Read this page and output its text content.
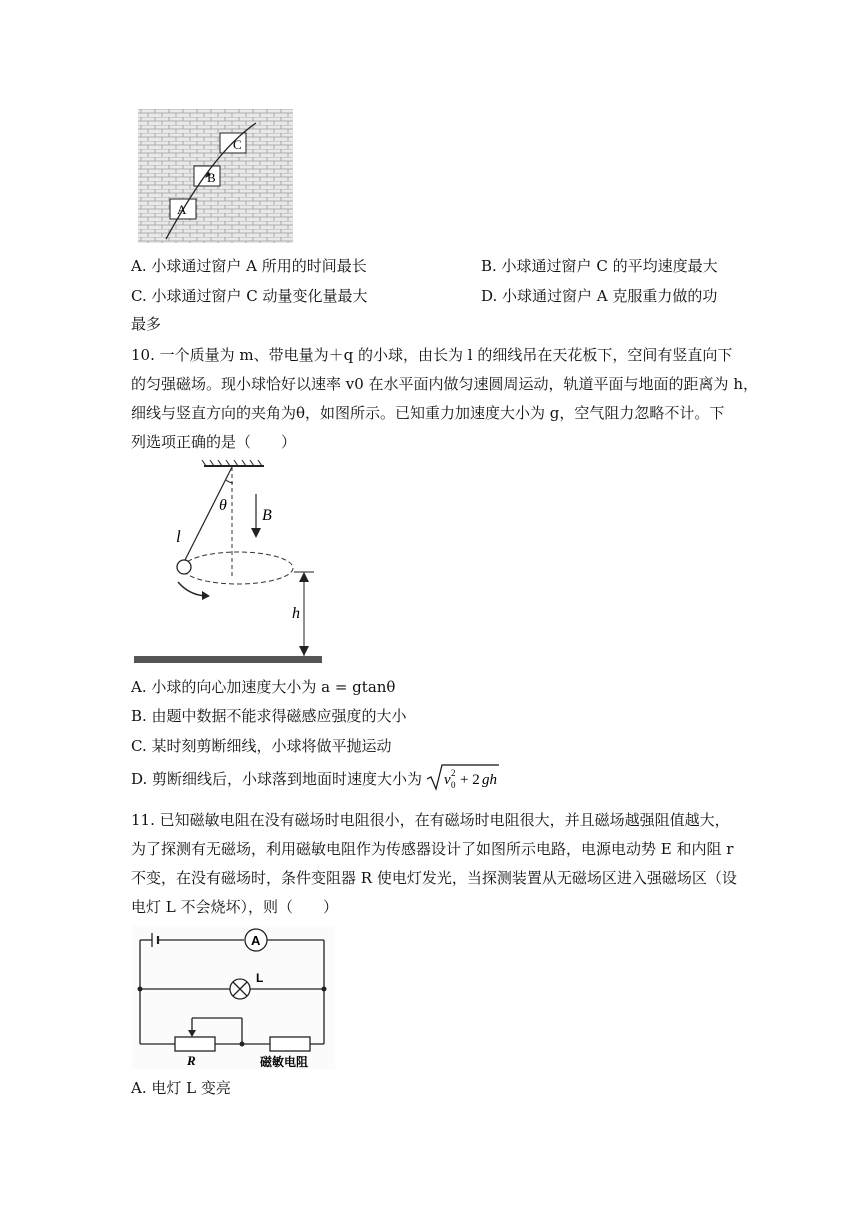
A
B
C
A. 小球通过窗户 A 所用的时间最长	B. 小球通过窗户 C 的平均速度最大
C. 小球通过窗户 C 动量变化量最大	D. 小球通过窗户 A 克服重力做的功
最多
10. 一个质量为 m、带电量为＋q 的小球，由长为 l 的细线吊在天花板下，空间有竖直向下
的匀强磁场。现小球恰好以速率 v0 在水平面内做匀速圆周运动，轨道平面与地面的距离为 h，
细线与竖直方向的夹角为θ，如图所示。已知重力加速度大小为 g，空气阻力忽略不计。下
列选项正确的是（　　）
θ
B
l
h
A. 小球的向心加速度大小为 a = gtanθ
B. 由题中数据不能求得磁感应强度的大小
C. 某时刻剪断细线，小球将做平抛运动
D. 剪断细线后，小球落到地面时速度大小为 v 0
2 + 2 gh
11. 已知磁敏电阻在没有磁场时电阻很小，在有磁场时电阻很大，并且磁场越强阻值越大，
为了探测有无磁场，利用磁敏电阻作为传感器设计了如图所示电路，电源电动势 E 和内阻 r
不变，在没有磁场时，条件变阻器 R 使电灯发光，当探测装置从无磁场区进入强磁场区（设
电灯 L 不会烧坏），则（　　）
A
L
R	磁敏电阻
A. 电灯 L 变亮
